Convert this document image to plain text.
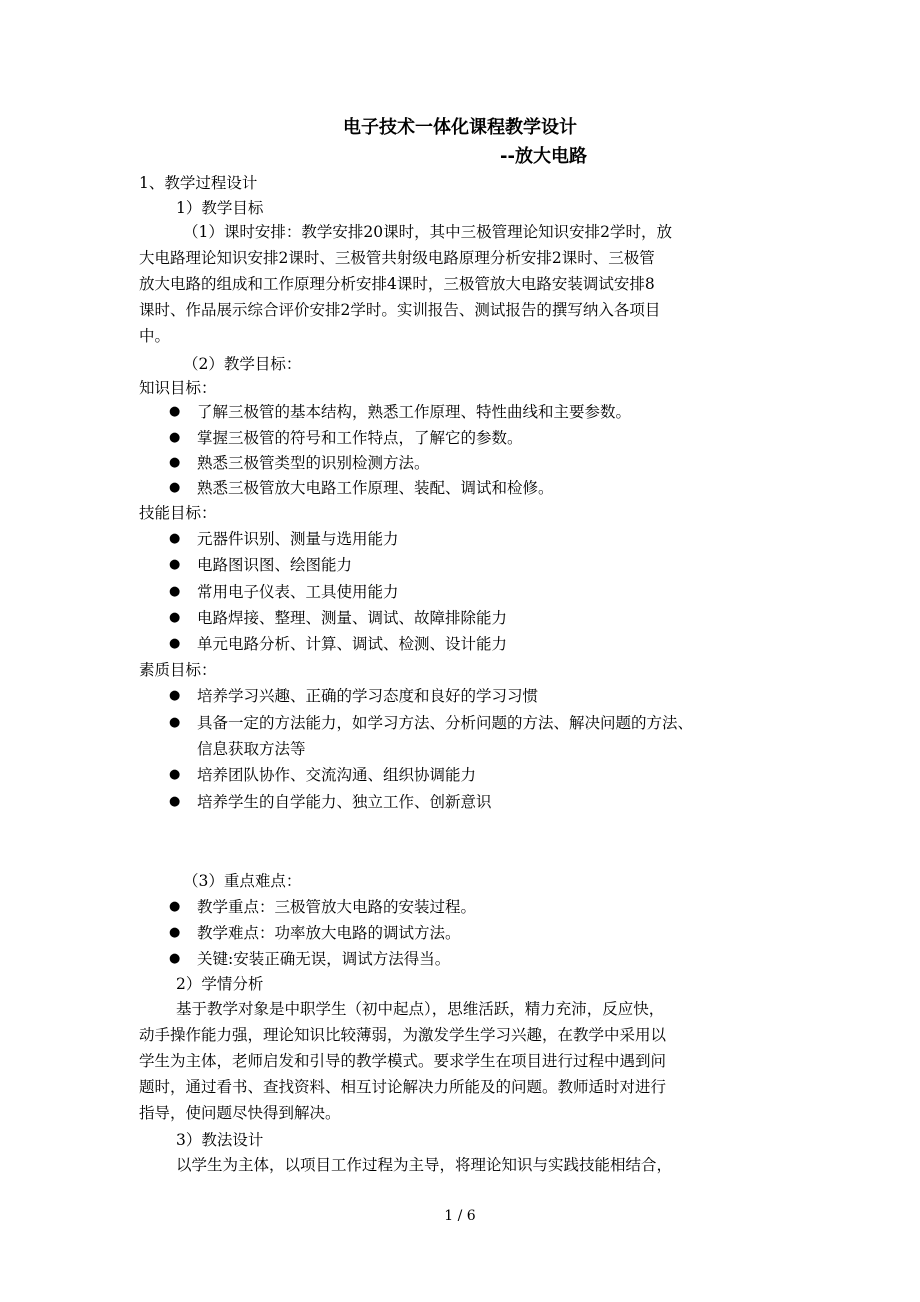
电子技术一体化课程教学设计
--放大电路
1、教学过程设计
1）教学目标
（1）课时安排：教学安排20课时，其中三极管理论知识安排2学时，放
大电路理论知识安排2课时、三极管共射级电路原理分析安排2课时、三极管
放大电路的组成和工作原理分析安排4课时，三极管放大电路安装调试安排8
课时、作品展示综合评价安排2学时。实训报告、测试报告的撰写纳入各项目
中。
（2）教学目标：
知识目标：
● 了解三极管的基本结构，熟悉工作原理、特性曲线和主要参数。
● 掌握三极管的符号和工作特点，了解它的参数。
● 熟悉三极管类型的识别检测方法。
● 熟悉三极管放大电路工作原理、装配、调试和检修。
技能目标：
● 元器件识别、测量与选用能力
● 电路图识图、绘图能力
● 常用电子仪表、工具使用能力
● 电路焊接、整理、测量、调试、故障排除能力
● 单元电路分析、计算、调试、检测、设计能力
素质目标：
● 培养学习兴趣、正确的学习态度和良好的学习习惯
● 具备一定的方法能力，如学习方法、分析问题的方法、解决问题的方法、
信息获取方法等
● 培养团队协作、交流沟通、组织协调能力
● 培养学生的自学能力、独立工作、创新意识
（3）重点难点：
● 教学重点：三极管放大电路的安装过程。
● 教学难点：功率放大电路的调试方法。
● 关键:安装正确无误，调试方法得当。
2）学情分析
基于教学对象是中职学生（初中起点），思维活跃，精力充沛，反应快，
动手操作能力强，理论知识比较薄弱，为激发学生学习兴趣，在教学中采用以
学生为主体，老师启发和引导的教学模式。要求学生在项目进行过程中遇到问
题时，通过看书、查找资料、相互讨论解决力所能及的问题。教师适时对进行
指导，使问题尽快得到解决。
3）教法设计
以学生为主体，以项目工作过程为主导，将理论知识与实践技能相结合，
1 / 6
